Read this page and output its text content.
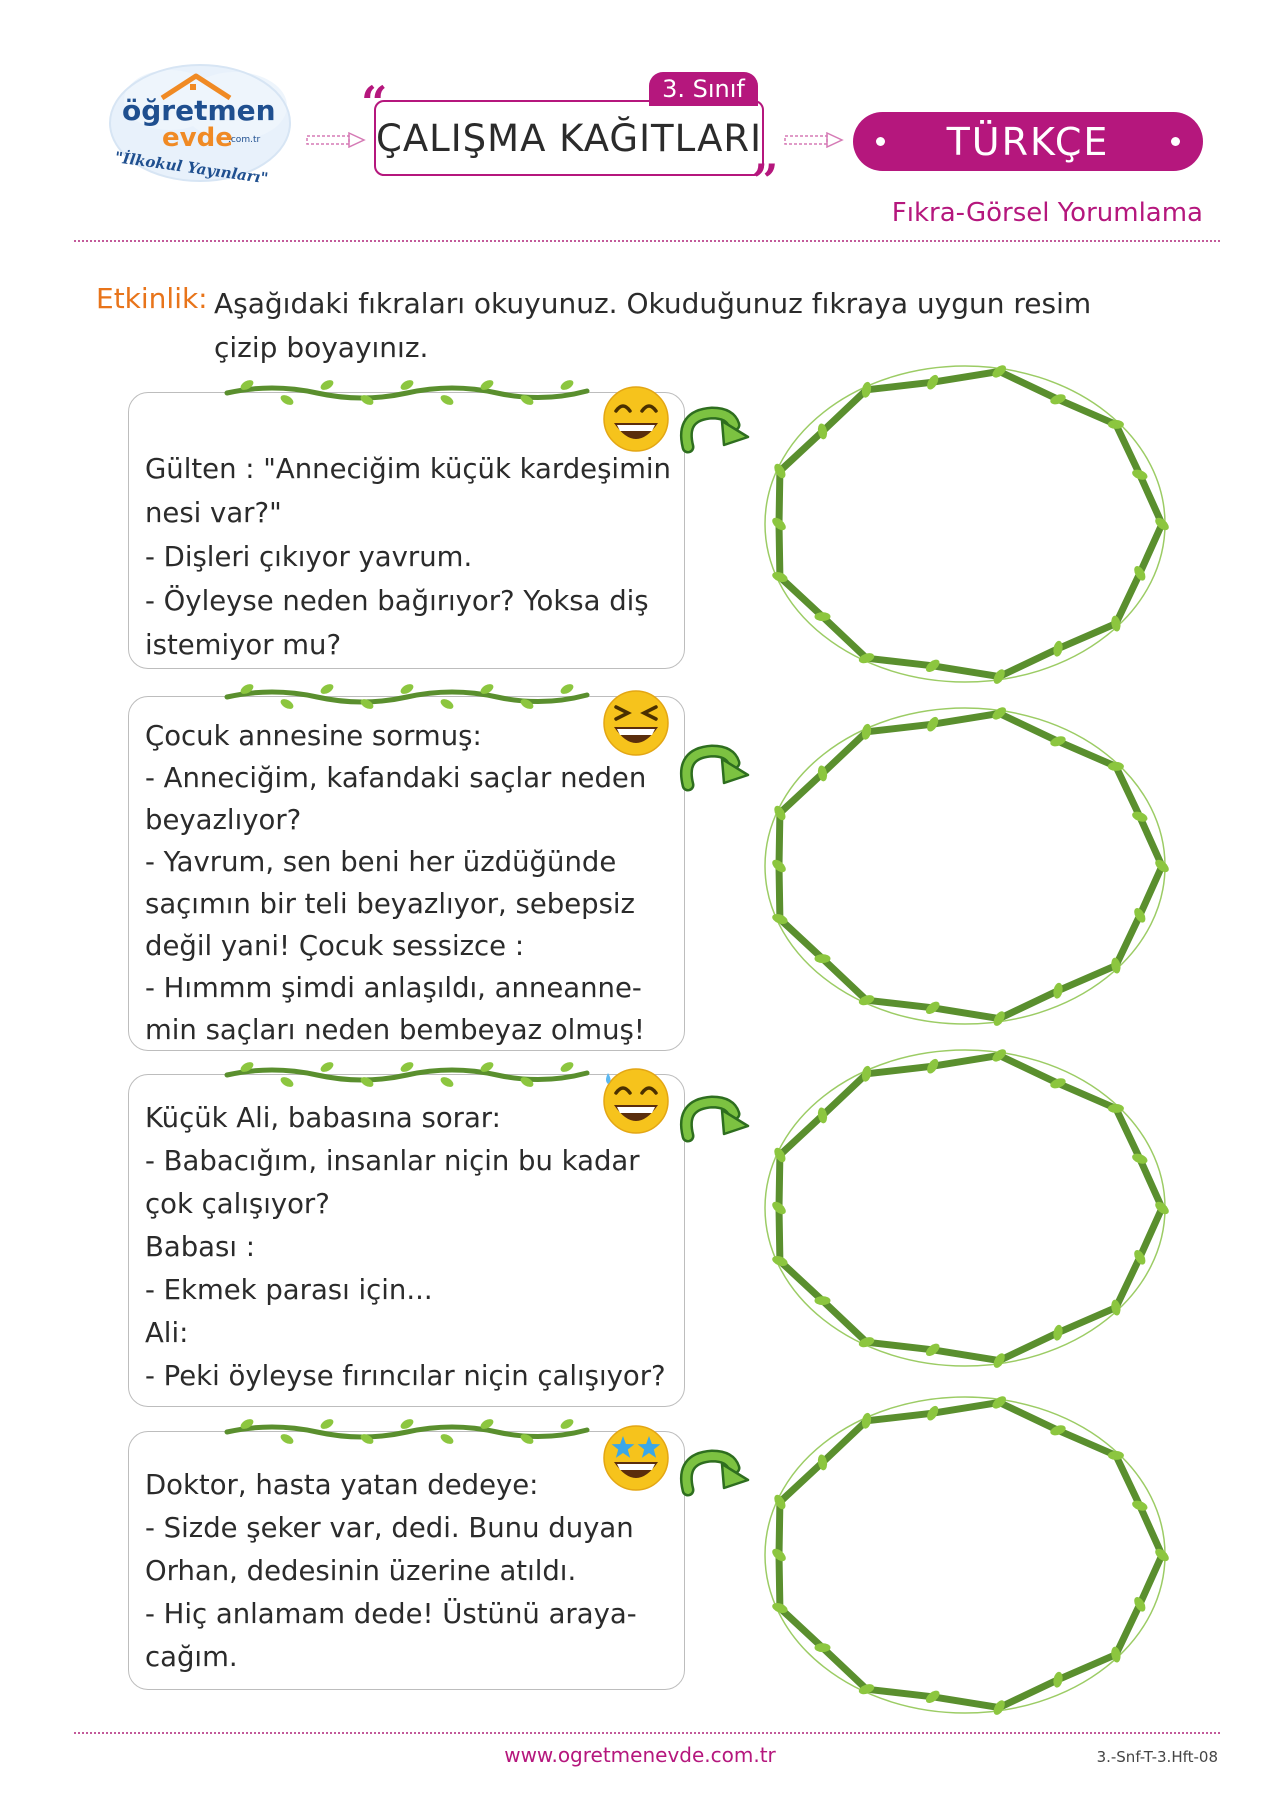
öğretmen
evde
.com.tr
"İlkokul Yayınları"
“	3. Sınıf
ÇALIŞMA KAĞITLARI
”
TÜRKÇE
Fıkra-Görsel Yorumlama
Etkinlik: Aşağıdaki fıkraları okuyunuz. Okuduğunuz fıkraya uygun resim çizip boyayınız.
Gülten : "Anneciğim küçük kardeşimin
nesi var?"
- Dişleri çıkıyor yavrum.
- Öyleyse neden bağırıyor? Yoksa diş
istemiyor mu?
Çocuk annesine sormuş:
- Anneciğim, kafandaki saçlar neden
beyazlıyor?
- Yavrum, sen beni her üzdüğünde
saçımın bir teli beyazlıyor, sebepsiz
değil yani! Çocuk sessizce :
- Hımmm şimdi anlaşıldı, anneanne-
min saçları neden bembeyaz olmuş!
Küçük Ali, babasına sorar:
- Babacığım, insanlar niçin bu kadar
çok çalışıyor?
Babası :
- Ekmek parası için...
Ali:
- Peki öyleyse fırıncılar niçin çalışıyor?
Doktor, hasta yatan dedeye:
- Sizde şeker var, dedi. Bunu duyan
Orhan, dedesinin üzerine atıldı.
- Hiç anlamam dede! Üstünü araya-
cağım.
www.ogretmenevde.com.tr	3.-Snf-T-3.Hft-08
